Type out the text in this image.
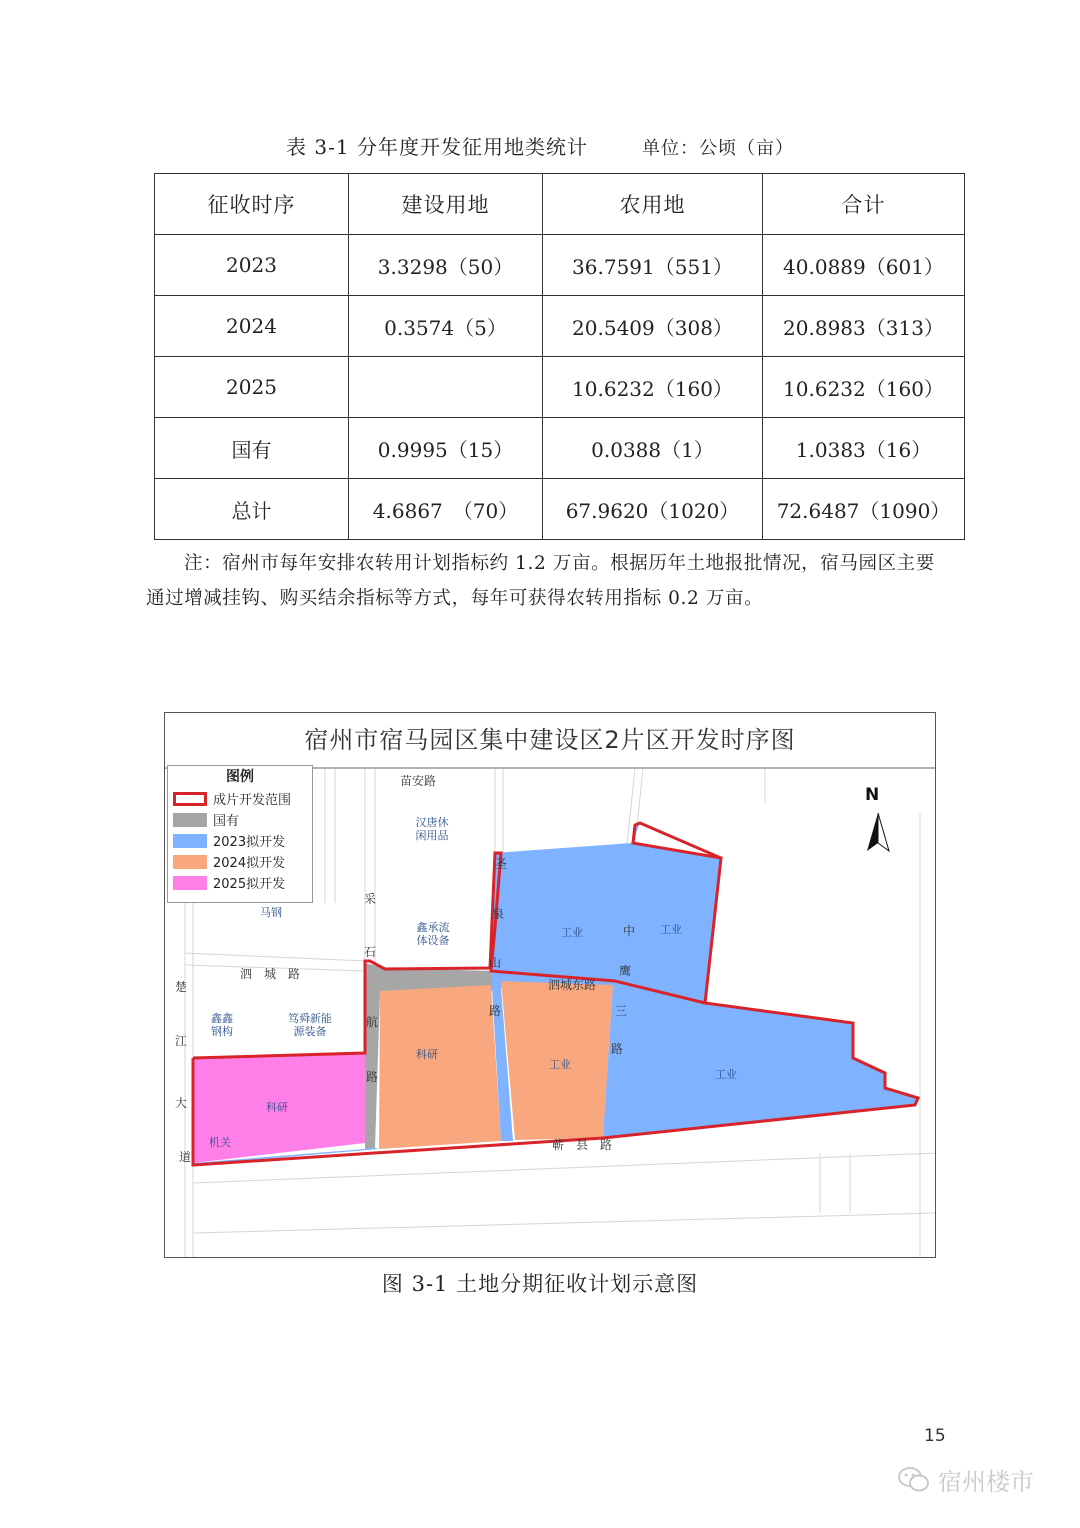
表 3-1 分年度开发征用地类统计	单位：公顷（亩）
征收时序	建设用地	农用地	合计
2023	3.3298（50）	36.7591（551）	40.0889（601）
2024	0.3574（5）	20.5409（308）	20.8983（313）
2025		10.6232（160）	10.6232（160）
国有	0.9995（15）	0.0388（1）	1.0383（16）
总计	4.6867　（70）	67.9620（1020）	72.6487（1090）
注：宿州市每年安排农转用计划指标约 1.2 万亩。根据历年土地报批情况，宿马园区主要通过增减挂钩、购买结余指标等方式，每年可获得农转用指标 0.2 万亩。
宿州市宿马园区集中建设区2片区开发时序图
N
图例
成片开发范围
国有
2023拟开发
2024拟开发
2025拟开发
苗安路
泗　城　路
采
石
航
路
圣
泉
山
路
泗城东路
中
鹰
三
路
蕲　县　路
楚
江
大
道
汉唐休闲用品
马钢
鑫承流体设备
鑫鑫钢构
笃舜新能源装备
科研
机关
科研
工业
工业	工业
工业
图 3-1 土地分期征收计划示意图
15
宿州楼市
